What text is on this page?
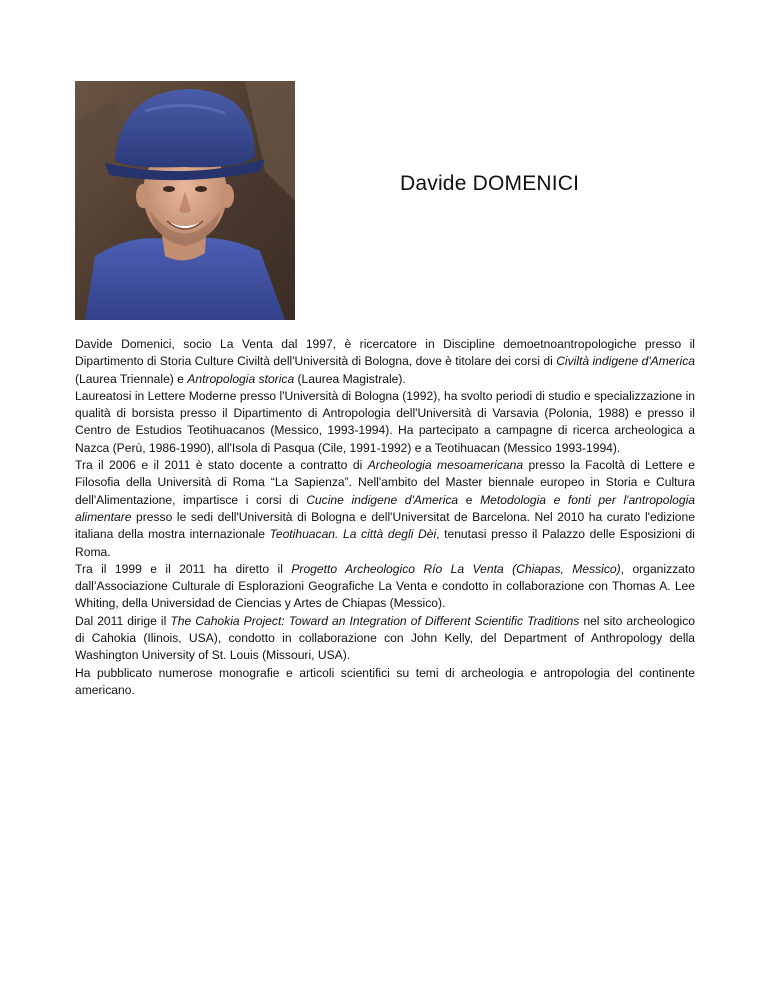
Davide DOMENICI

Davide Domenici, socio La Venta dal 1997, è ricercatore in Discipline demoetnoantropologiche presso il Dipartimento di Storia Culture Civiltà dell'Università di Bologna, dove è titolare dei corsi di Civiltà indigene d'America (Laurea Triennale) e Antropologia storica (Laurea Magistrale).

Laureatosi in Lettere Moderne presso l'Università di Bologna (1992), ha svolto periodi di studio e specializzazione in qualità di borsista presso il Dipartimento di Antropologia dell'Università di Varsavia (Polonia, 1988) e presso il Centro de Estudios Teotihuacanos (Messico, 1993-1994). Ha partecipato a campagne di ricerca archeologica a Nazca (Perù, 1986-1990), all'Isola di Pasqua (Cile, 1991-1992) e a Teotihuacan (Messico 1993-1994).

Tra il 2006 e il 2011 è stato docente a contratto di Archeologia mesoamericana presso la Facoltà di Lettere e Filosofia della Università di Roma “La Sapienza”. Nell'ambito del Master biennale europeo in Storia e Cultura dell'Alimentazione, impartisce i corsi di Cucine indigene d'America e Metodologia e fonti per l'antropologia alimentare presso le sedi dell'Università di Bologna e dell'Universitat de Barcelona. Nel 2010 ha curato l'edizione italiana della mostra internazionale Teotihuacan. La città degli Dèi, tenutasi presso il Palazzo delle Esposizioni di Roma.

Tra il 1999 e il 2011 ha diretto il Progetto Archeologico Río La Venta (Chiapas, Messico), organizzato dall’Associazione Culturale di Esplorazioni Geografiche La Venta e condotto in collaborazione con Thomas A. Lee Whiting, della Universidad de Ciencias y Artes de Chiapas (Messico).

Dal 2011 dirige il The Cahokia Project: Toward an Integration of Different Scientific Traditions nel sito archeologico di Cahokia (Ilinois, USA), condotto in collaborazione con John Kelly, del Department of Anthropology della Washington University of St. Louis (Missouri, USA).

Ha pubblicato numerose monografie e articoli scientifici su temi di archeologia e antropologia del continente americano.
